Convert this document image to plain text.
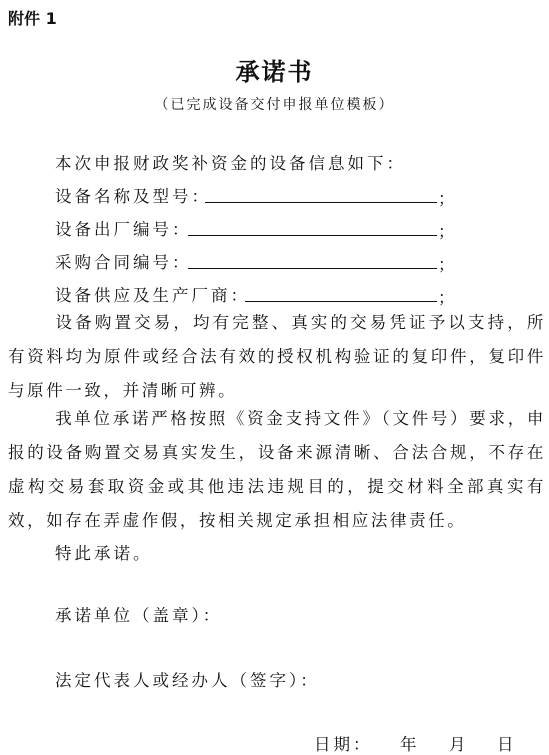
附件 1
承诺书
（已完成设备交付申报单位模板）
本次申报财政奖补资金的设备信息如下：
设备名称及型号：	；
设备出厂编号：	；
采购合同编号：	；
设备供应及生产厂商：	；
设备购置交易，均有完整、真实的交易凭证予以支持，所有资料均为原件或经合法有效的授权机构验证的复印件，复印件与原件一致，并清晰可辨。
我单位承诺严格按照《资金支持文件》（文件号）要求，申报的设备购置交易真实发生，设备来源清晰、合法合规，不存在虚构交易套取资金或其他违法违规目的，提交材料全部真实有效，如存在弄虚作假，按相关规定承担相应法律责任。
特此承诺。
承诺单位（盖章）：
法定代表人或经办人（签字）：
日期： 年 月 日
